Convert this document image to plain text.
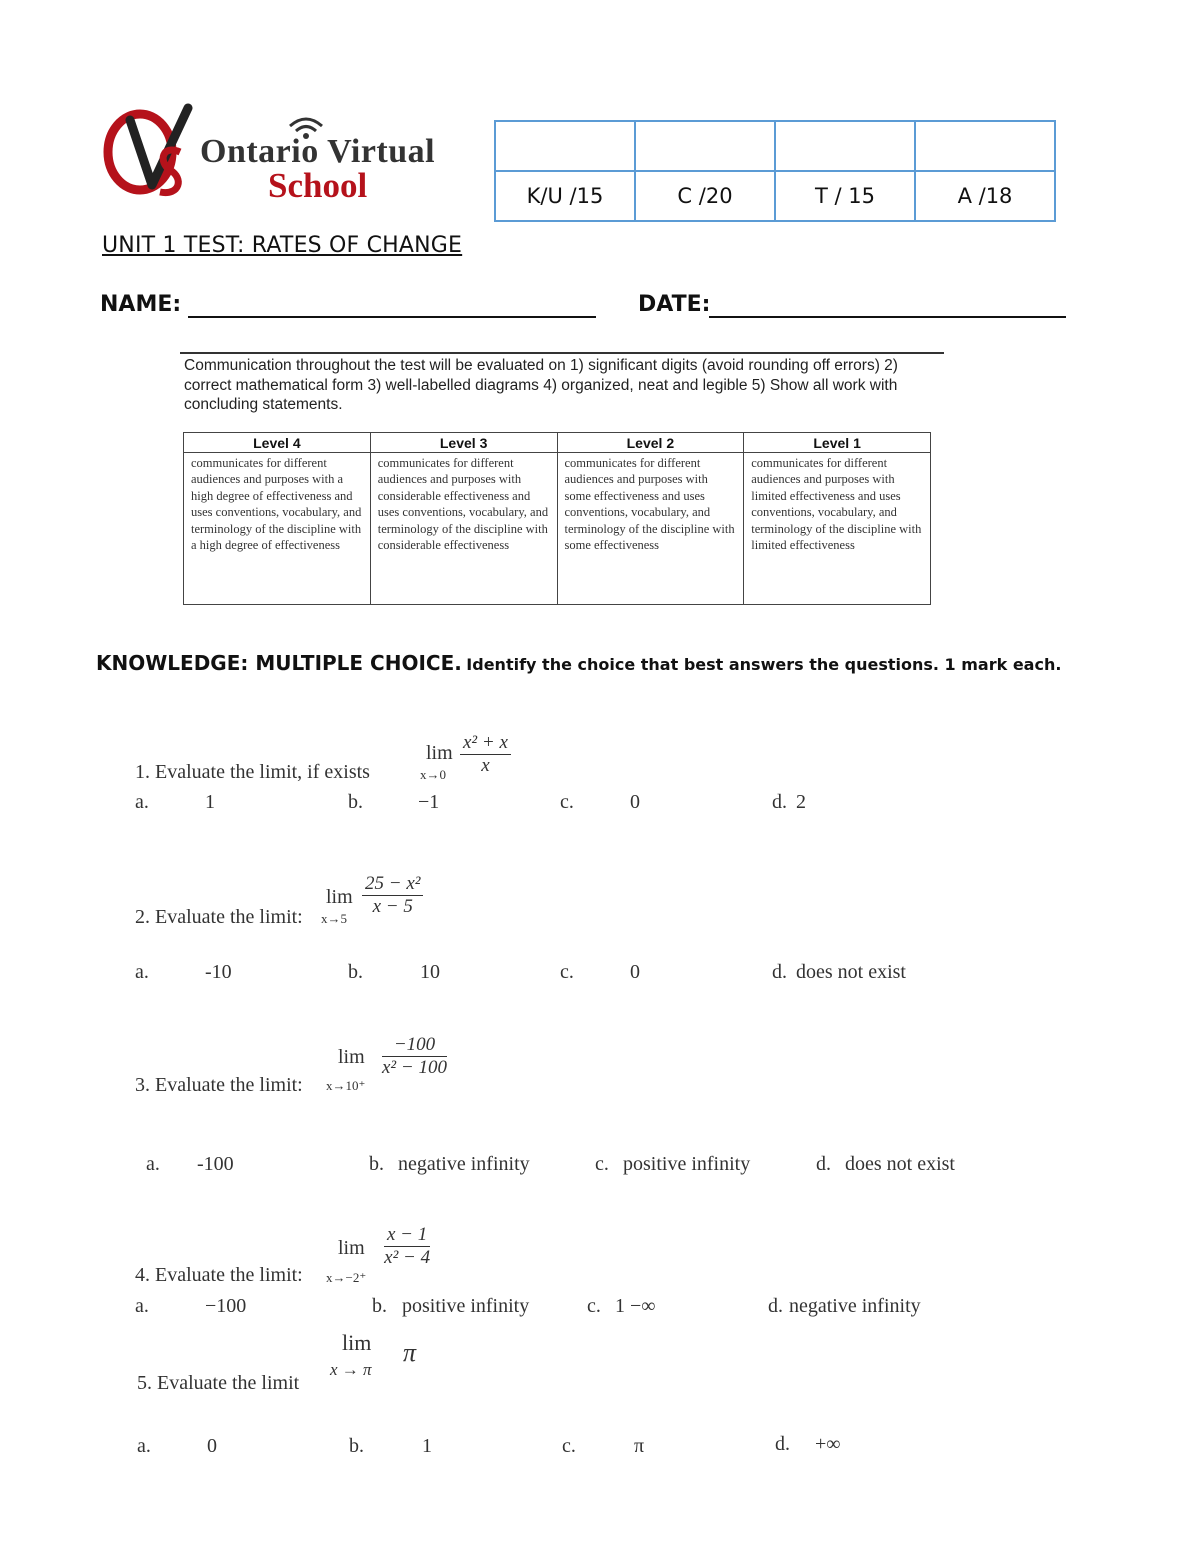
Ontario Virtual
School
				K/U /15	C /20	T / 15	A /18
UNIT 1 TEST: RATES OF CHANGE
NAME:	DATE:
Communication throughout the test will be evaluated on 1) significant digits (avoid rounding off errors) 2) correct mathematical form 3) well-labelled diagrams 4) organized, neat and legible 5) Show all work with concluding statements.
Level 4	Level 3	Level 2	Level 1
communicates for different audiences and purposes with a high degree of effectiveness and uses conventions, vocabulary, and terminology of the discipline with a high degree of effectiveness	communicates for different audiences and purposes with considerable effectiveness and uses conventions, vocabulary, and terminology of the discipline with considerable effectiveness	communicates for different audiences and purposes with some effectiveness and uses conventions, vocabulary, and terminology of the discipline with some effectiveness	communicates for different audiences and purposes with limited effectiveness and uses conventions, vocabulary, and terminology of the discipline with limited effectiveness
KNOWLEDGE: MULTIPLE CHOICE. Identify the choice that best answers the questions. 1 mark each.
$\lim \frac{\text{x² + x}}{x}$
1. Evaluate the limit, if exists	x→0
a.	1	b.	−1	c.	0	d. 2
$\lim \frac{\text{25 − x²}}{x - 5}$
2. Evaluate the limit: x→5
a.	-10	b.	10	c.	0	d. does not exist
$\lim \frac{-100}{\text{x² − 100}}$
3. Evaluate the limit: x→10⁺
a. -100	b. negative infinity	c. positive infinity	d. does not exist
$\lim \frac{x - 1}{\text{x² − 4}}$
4. Evaluate the limit: x→−2⁺
a.	−100	b. positive infinity	c. 1 −∞	d. negative infinity
lim π
5. Evaluate the limit
x → π
a.	0	b.	1	c.	π	d. +∞
